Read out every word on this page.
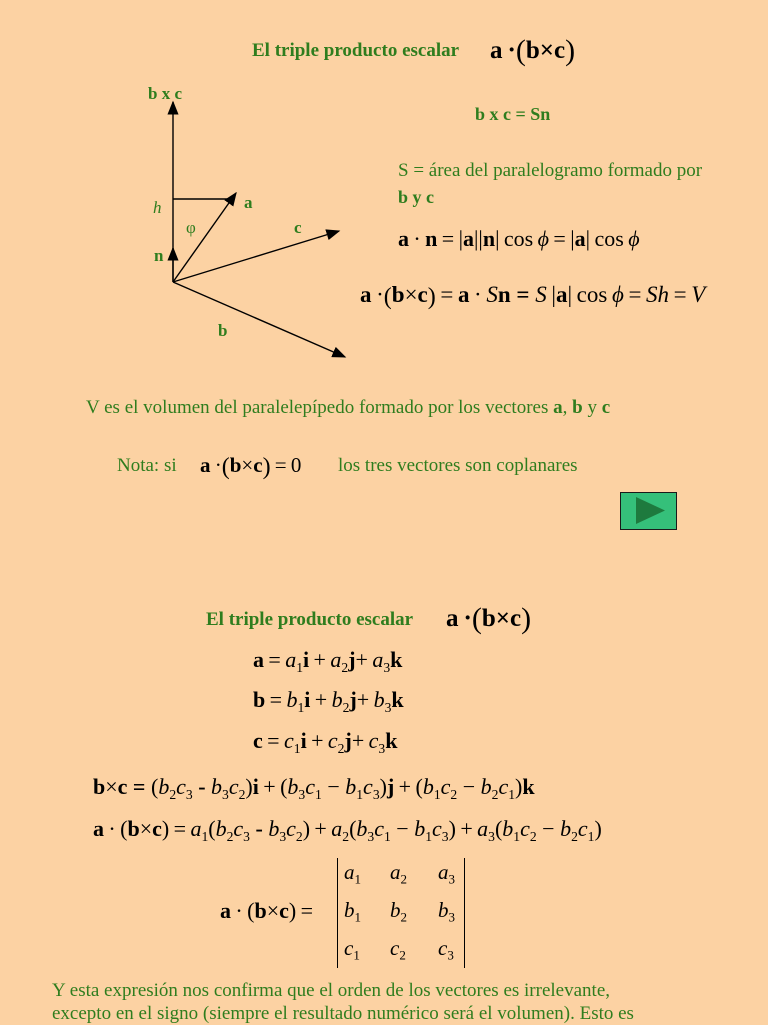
El triple producto escalar a ·(b×c)
b x c
h	a
φ	c
n
b
b x c = Sn
S = área del paralelogramo formado por
b y c
a · n = |a||n| cos ϕ = |a| cos ϕ
a ·(b×c) = a · Sn = S |a| cos ϕ = Sh = V
V es el volumen del paralelepípedo formado por los vectores a, b y c
Nota: si a ·(b×c) = 0 los tres vectores son coplanares
El triple producto escalar a ·(b×c)
$a = a_1i + a_2j+ a_3k$
$b = b_1i + b_2j+ b_3k$
$c = c_1i + c_2j+ c_3k$
$b\times c = (b_2c_3 - b_3c_2)i + (b_3c_1 - b_1c_3)j + (b_1c_2 - b_2c_1)k$
$a \cdot (b\times c) = a_1(b_2c_3 - b_3c_2) + a_2(b_3c_1 - b_1c_3) + a_3(b_1c_2 - b_2c_1)$
a · (b×c) =
$a_1$ $a_2$ $a_3$
$b_1$ $b_2$ $b_3$
$c_1$ $c_2$ $c_3$
Y esta expresión nos confirma que el orden de los vectores es irrelevante,
excepto en el signo (siempre el resultado numérico será el volumen). Esto es
